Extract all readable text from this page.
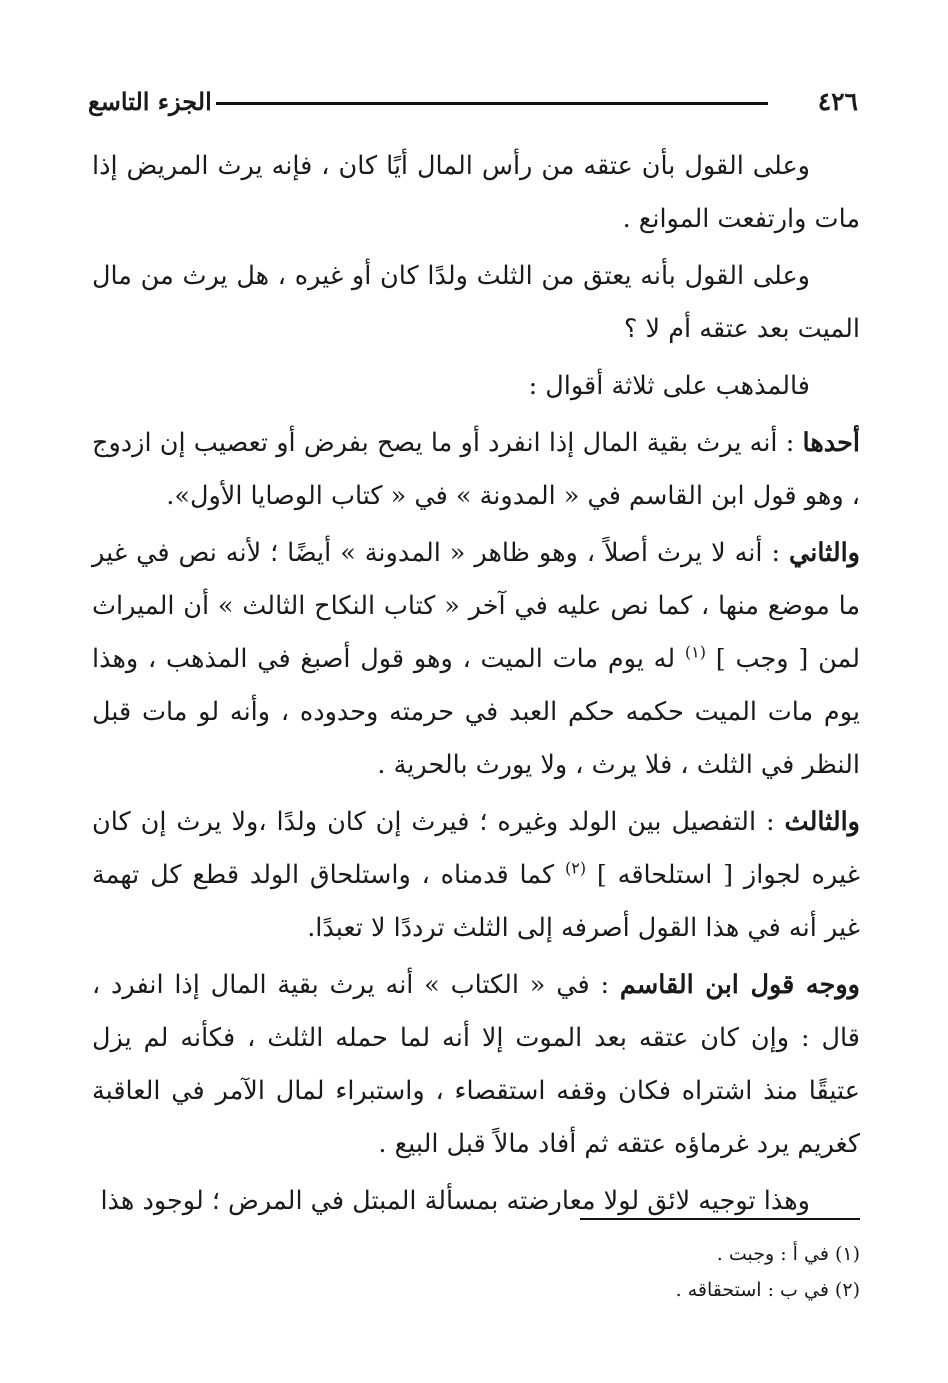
٤٢٦
الجزء التاسع

وعلى القول بأن عتقه من رأس المال أيًا كان ، فإنه يرث المريض إذا مات وارتفعت الموانع .

وعلى القول بأنه يعتق من الثلث ولدًا كان أو غيره ، هل يرث من مال الميت بعد عتقه أم لا ؟

فالمذهب على ثلاثة أقوال :

أحدها : أنه يرث بقية المال إذا انفرد أو ما يصح بفرض أو تعصيب إن ازدوج ، وهو قول ابن القاسم في « المدونة » في « كتاب الوصايا الأول».

والثاني : أنه لا يرث أصلاً ، وهو ظاهر « المدونة » أيضًا ؛ لأنه نص في غير ما موضع منها ، كما نص عليه في آخر « كتاب النكاح الثالث » أن الميراث لمن [ وجب ] $^{(١)}$ له يوم مات الميت ، وهو قول أصبغ في المذهب ، وهذا يوم مات الميت حكمه حكم العبد في حرمته وحدوده ، وأنه لو مات قبل النظر في الثلث ، فلا يرث ، ولا يورث بالحرية .

والثالث : التفصيل بين الولد وغيره ؛ فيرث إن كان ولدًا ،ولا يرث إن كان غيره لجواز [ استلحاقه ] $^{(٢)}$ كما قدمناه ، واستلحاق الولد قطع كل تهمة غير أنه في هذا القول أصرفه إلى الثلث ترددًا لا تعبدًا.

ووجه قول ابن القاسم : في « الكتاب » أنه يرث بقية المال إذا انفرد ، قال : وإن كان عتقه بعد الموت إلا أنه لما حمله الثلث ، فكأنه لم يزل عتيقًا منذ اشتراه فكان وقفه استقصاء ، واستبراء لمال الآمر في العاقبة كغريم يرد غرماؤه عتقه ثم أفاد مالاً قبل البيع .

وهذا توجيه لائق لولا معارضته بمسألة المبتل في المرض ؛ لوجود هذا

(١) في أ : وجبت .

(٢) في ب : استحقاقه .
